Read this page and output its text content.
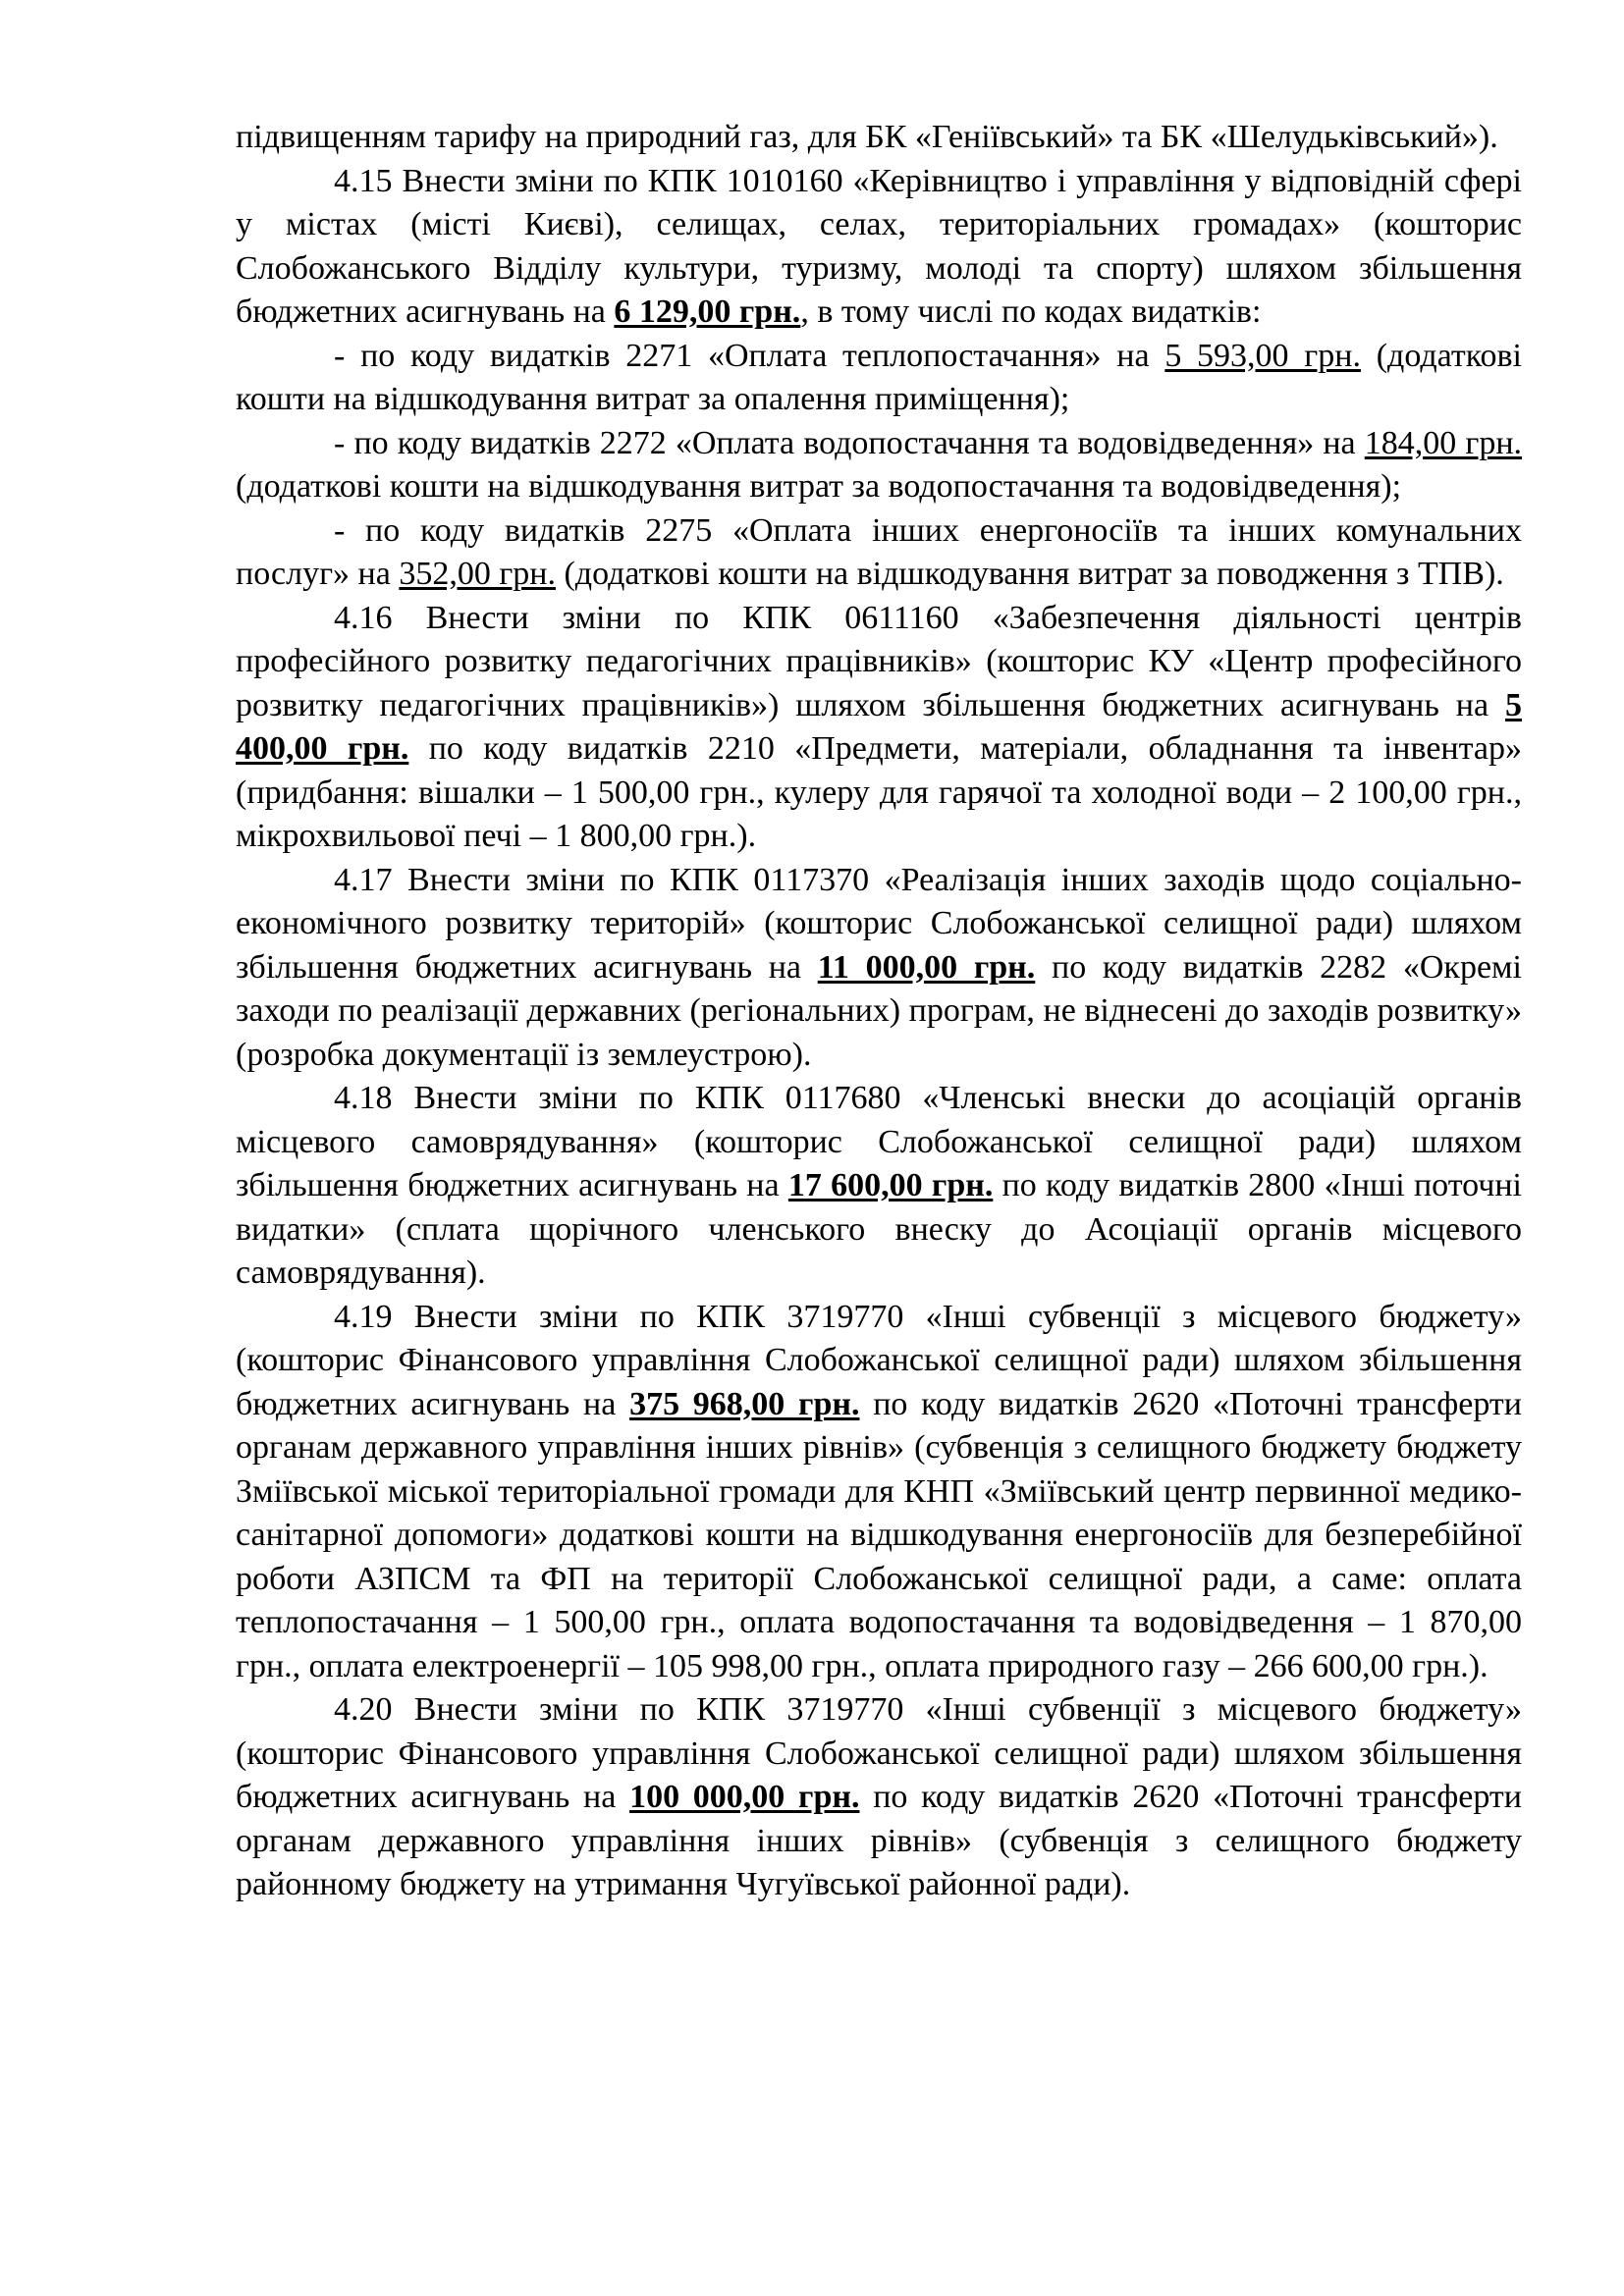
підвищенням тарифу на природний газ, для БК «Геніївський» та БК «Шелудьківський»).

4.15 Внести зміни по КПК 1010160 «Керівництво і управління у відповідній сфері у містах (місті Києві), селищах, селах, територіальних громадах» (кошторис Слобожанського Відділу культури, туризму, молоді та спорту) шляхом збільшення бюджетних асигнувань на 6 129,00 грн., в тому числі по кодах видатків:

- по коду видатків 2271 «Оплата теплопостачання» на 5 593,00 грн. (додаткові кошти на відшкодування витрат за опалення приміщення);

- по коду видатків 2272 «Оплата водопостачання та водовідведення» на 184,00 грн. (додаткові кошти на відшкодування витрат за водопостачання та водовідведення);

- по коду видатків 2275 «Оплата інших енергоносіїв та інших комунальних послуг» на 352,00 грн. (додаткові кошти на відшкодування витрат за поводження з ТПВ).

4.16 Внести зміни по КПК 0611160 «Забезпечення діяльності центрів професійного розвитку педагогічних працівників» (кошторис КУ «Центр професійного розвитку педагогічних працівників») шляхом збільшення бюджетних асигнувань на 5 400,00 грн. по коду видатків 2210 «Предмети, матеріали, обладнання та інвентар» (придбання: вішалки – 1 500,00 грн., кулеру для гарячої та холодної води – 2 100,00 грн., мікрохвильової печі – 1 800,00 грн.).

4.17 Внести зміни по КПК 0117370 «Реалізація інших заходів щодо соціально-економічного розвитку територій» (кошторис Слобожанської селищної ради) шляхом збільшення бюджетних асигнувань на 11 000,00 грн. по коду видатків 2282 «Окремі заходи по реалізації державних (регіональних) програм, не віднесені до заходів розвитку» (розробка документації із землеустрою).

4.18 Внести зміни по КПК 0117680 «Членські внески до асоціацій органів місцевого самоврядування» (кошторис Слобожанської селищної ради) шляхом збільшення бюджетних асигнувань на 17 600,00 грн. по коду видатків 2800 «Інші поточні видатки» (сплата щорічного членського внеску до Асоціації органів місцевого самоврядування).

4.19 Внести зміни по КПК 3719770 «Інші субвенції з місцевого бюджету» (кошторис Фінансового управління Слобожанської селищної ради) шляхом збільшення бюджетних асигнувань на 375 968,00 грн. по коду видатків 2620 «Поточні трансферти органам державного управління інших рівнів» (субвенція з селищного бюджету бюджету Зміївської міської територіальної громади для КНП «Зміївський центр первинної медико-санітарної допомоги» додаткові кошти на відшкодування енергоносіїв для безперебійної роботи АЗПСМ та ФП на території Слобожанської селищної ради, а саме: оплата теплопостачання – 1 500,00 грн., оплата водопостачання та водовідведення – 1 870,00 грн., оплата електроенергії – 105 998,00 грн., оплата природного газу – 266 600,00 грн.).

4.20 Внести зміни по КПК 3719770 «Інші субвенції з місцевого бюджету» (кошторис Фінансового управління Слобожанської селищної ради) шляхом збільшення бюджетних асигнувань на 100 000,00 грн. по коду видатків 2620 «Поточні трансферти органам державного управління інших рівнів» (субвенція з селищного бюджету районному бюджету на утримання Чугуївської районної ради).
